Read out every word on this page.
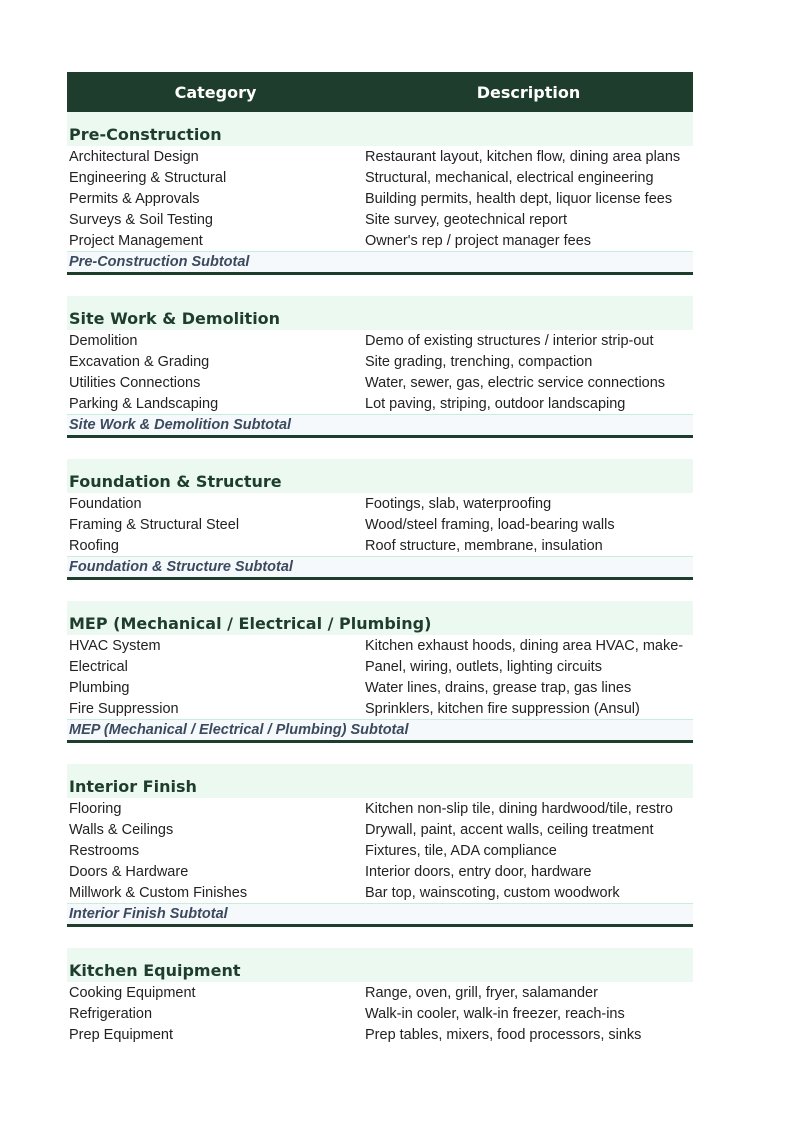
Category	Description
Pre-Construction
Architectural Design	Restaurant layout, kitchen flow, dining area plans
Engineering & Structural	Structural, mechanical, electrical engineering
Permits & Approvals	Building permits, health dept, liquor license fees
Surveys & Soil Testing	Site survey, geotechnical report
Project Management	Owner's rep / project manager fees
Pre-Construction Subtotal
Site Work & Demolition
Demolition	Demo of existing structures / interior strip-out
Excavation & Grading	Site grading, trenching, compaction
Utilities Connections	Water, sewer, gas, electric service connections
Parking & Landscaping	Lot paving, striping, outdoor landscaping
Site Work & Demolition Subtotal
Foundation & Structure
Foundation	Footings, slab, waterproofing
Framing & Structural Steel	Wood/steel framing, load-bearing walls
Roofing	Roof structure, membrane, insulation
Foundation & Structure Subtotal
MEP (Mechanical / Electrical / Plumbing)
HVAC System	Kitchen exhaust hoods, dining area HVAC, make-
Electrical	Panel, wiring, outlets, lighting circuits
Plumbing	Water lines, drains, grease trap, gas lines
Fire Suppression	Sprinklers, kitchen fire suppression (Ansul)
MEP (Mechanical / Electrical / Plumbing) Subtotal
Interior Finish
Flooring	Kitchen non-slip tile, dining hardwood/tile, restro
Walls & Ceilings	Drywall, paint, accent walls, ceiling treatment
Restrooms	Fixtures, tile, ADA compliance
Doors & Hardware	Interior doors, entry door, hardware
Millwork & Custom Finishes	Bar top, wainscoting, custom woodwork
Interior Finish Subtotal
Kitchen Equipment
Cooking Equipment	Range, oven, grill, fryer, salamander
Refrigeration	Walk-in cooler, walk-in freezer, reach-ins
Prep Equipment	Prep tables, mixers, food processors, sinks
